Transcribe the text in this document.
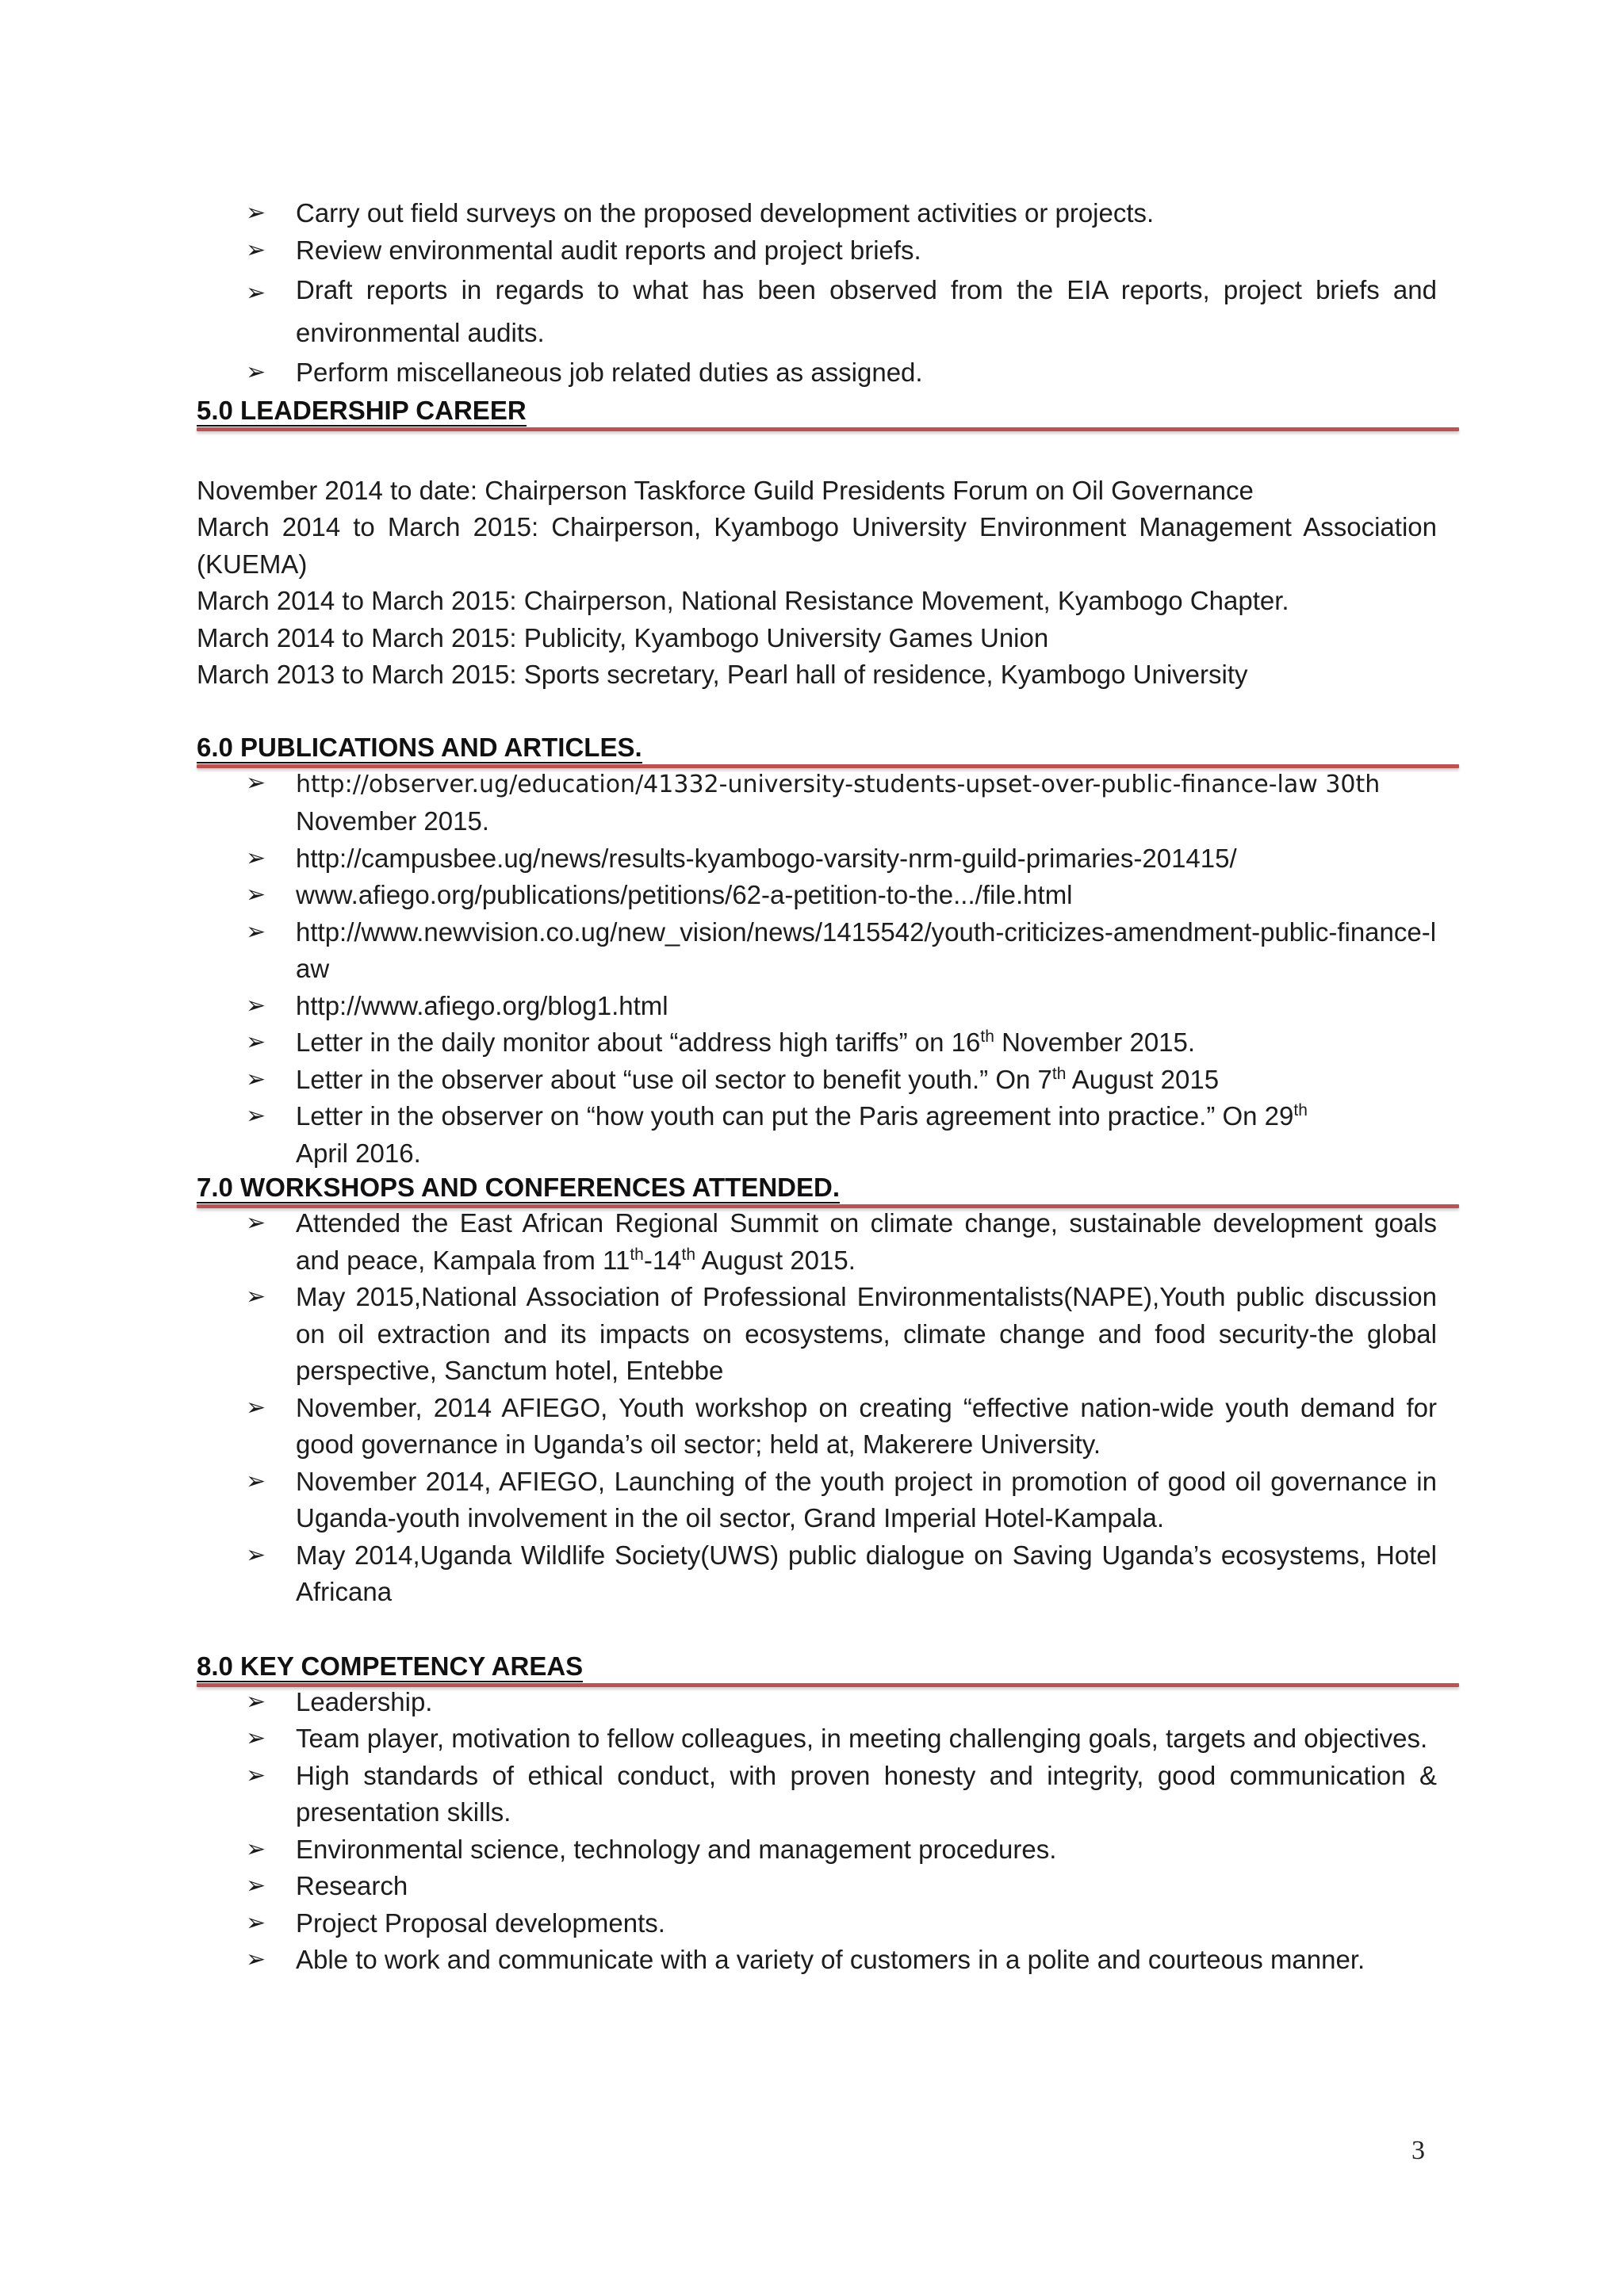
➢ Carry out field surveys on the proposed development activities or projects.
➢ Review environmental audit reports and project briefs.
➢ Draft reports in regards to what has been observed from the EIA reports, project briefs and environmental audits.
➢ Perform miscellaneous job related duties as assigned.
5.0 LEADERSHIP CAREER
November 2014 to date: Chairperson Taskforce Guild Presidents Forum on Oil Governance
March 2014 to March 2015: Chairperson, Kyambogo University Environment Management Association (KUEMA)
March 2014 to March 2015: Chairperson, National Resistance Movement, Kyambogo Chapter.
March 2014 to March 2015: Publicity, Kyambogo University Games Union
March 2013 to March 2015: Sports secretary, Pearl hall of residence, Kyambogo University
6.0 PUBLICATIONS AND ARTICLES.
➢ http://observer.ug/education/41332-university-students-upset-over-public-finance-law 30th
November 2015.
➢ http://campusbee.ug/news/results-kyambogo-varsity-nrm-guild-primaries-201415/
➢ www.afiego.org/publications/petitions/62-a-petition-to-the.../file.html
➢ http://www.newvision.co.ug/new_vision/news/1415542/youth-criticizes-amendment-public-finance-law
➢ http://www.afiego.org/blog1.html
➢ Letter in the daily monitor about “address high tariffs” on 16th November 2015.
➢ Letter in the observer about “use oil sector to benefit youth.” On 7th August 2015
➢ Letter in the observer on “how youth can put the Paris agreement into practice.” On 29th
April 2016.
7.0 WORKSHOPS AND CONFERENCES ATTENDED.
➢ Attended the East African Regional Summit on climate change, sustainable development goals and peace, Kampala from 11th-14th August 2015.
➢ May 2015,National Association of Professional Environmentalists(NAPE),Youth public discussion on oil extraction and its impacts on ecosystems, climate change and food security-the global perspective, Sanctum hotel, Entebbe
➢ November, 2014 AFIEGO, Youth workshop on creating “effective nation-wide youth demand for good governance in Uganda’s oil sector; held at, Makerere University.
➢ November 2014, AFIEGO, Launching of the youth project in promotion of good oil governance in Uganda-youth involvement in the oil sector, Grand Imperial Hotel-Kampala.
➢ May 2014,Uganda Wildlife Society(UWS) public dialogue on Saving Uganda’s ecosystems, Hotel Africana
8.0 KEY COMPETENCY AREAS
➢ Leadership.
➢ Team player, motivation to fellow colleagues, in meeting challenging goals, targets and objectives.
➢ High standards of ethical conduct, with proven honesty and integrity, good communication & presentation skills.
➢ Environmental science, technology and management procedures.
➢ Research
➢ Project Proposal developments.
➢ Able to work and communicate with a variety of customers in a polite and courteous manner.
3
